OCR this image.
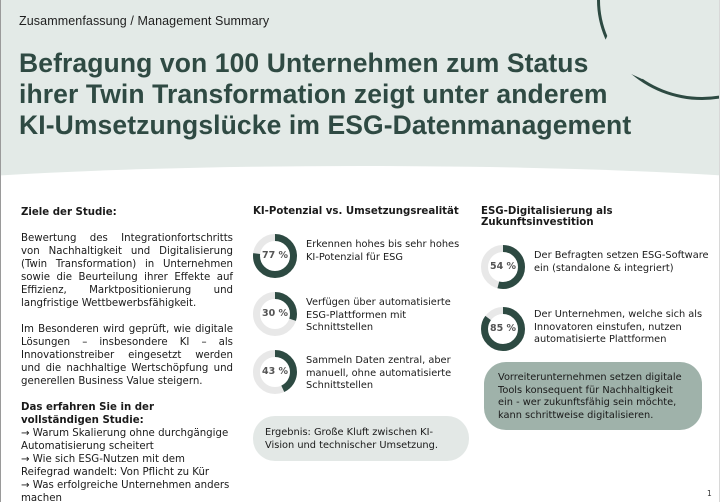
Zusammenfassung / Management Summary
Befragung von 100 Unternehmen zum Status
ihrer Twin Transformation zeigt unter anderem
KI-Umsetzungslücke im ESG-Datenmanagement
Ziele der Studie:

Bewertung des Integrationfortschritts von Nachhaltigkeit und Digitalisierung (Twin Transformation) in Unternehmen sowie die Beurteilung ihrer Effekte auf Effizienz, Marktpositionierung und langfristige Wettbewerbsfähigkeit.

Im Besonderen wird geprüft, wie digitale Lösungen – insbesondere KI – als Innovationstreiber eingesetzt werden und die nachhaltige Wertschöpfung und generellen Business Value steigern.

Das erfahren Sie in der vollständigen Studie:
→ Warum Skalierung ohne durchgängige Automatisierung scheitert
→ Wie sich ESG-Nutzen mit dem Reifegrad wandelt: Von Pflicht zu Kür
→ Was erfolgreiche Unternehmen anders machen
KI-Potenzial vs. Umsetzungsrealität
77 %
Erkennen hohes bis sehr hohes KI-Potenzial für ESG
30 %
Verfügen über automatisierte ESG-Plattformen mit Schnittstellen
43 %
Sammeln Daten zentral, aber manuell, ohne automatisierte Schnittstellen
Ergebnis: Große Kluft zwischen KI-Vision und technischer Umsetzung.
ESG-Digitalisierung als Zukunftsinvestition
54 %
Der Befragten setzen ESG-Software ein (standalone & integriert)
85 %
Der Unternehmen, welche sich als Innovatoren einstufen, nutzen automatisierte Plattformen
Vorreiterunternehmen setzen digitale Tools konsequent für Nachhaltigkeit ein - wer zukunftsfähig sein möchte, kann schrittweise digitalisieren.
1
